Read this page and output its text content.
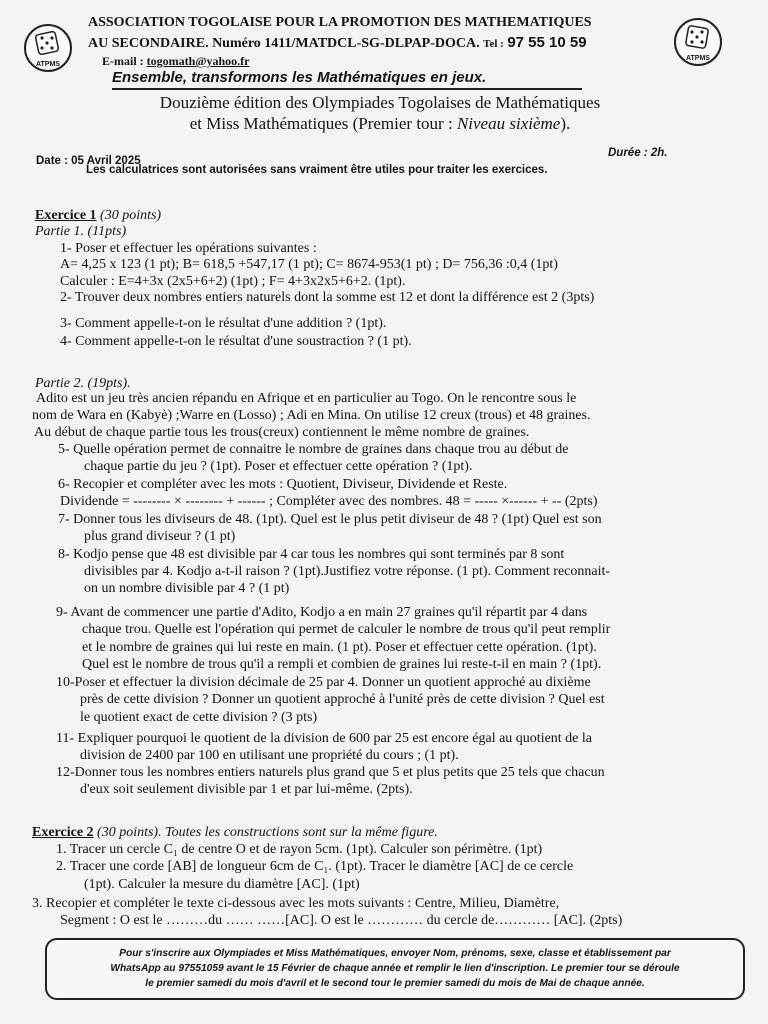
ATPMS
ATPMS
ASSOCIATION TOGOLAISE POUR LA PROMOTION DES MATHEMATIQUES
AU SECONDAIRE. Numéro 1411/MATDCL-SG-DLPAP-DOCA. Tel : 97 55 10 59
E-mail : togomath@yahoo.fr
Ensemble, transformons les Mathématiques en jeux.
Douzième édition des Olympiades Togolaises de Mathématiques
et Miss Mathématiques (Premier tour : Niveau sixième).
Date : 05 Avril 2025
Durée : 2h.
Les calculatrices sont autorisées sans vraiment être utiles pour traiter les exercices.
Exercice 1 (30 points)
Partie 1. (11pts)
1- Poser et effectuer les opérations suivantes :
A= 4,25 x 123 (1 pt); B= 618,5 +547,17 (1 pt); C= 8674-953(1 pt) ; D= 756,36 :0,4 (1pt)
Calculer : E=4+3x (2x5+6+2) (1pt) ; F= 4+3x2x5+6+2. (1pt).
2- Trouver deux nombres entiers naturels dont la somme est 12 et dont la différence est 2 (3pts)
3- Comment appelle-t-on le résultat d'une addition ? (1pt).
4- Comment appelle-t-on le résultat d'une soustraction ? (1 pt).
Partie 2. (19pts).
Adito est un jeu très ancien répandu en Afrique et en particulier au Togo. On le rencontre sous le
nom de Wara en (Kabyè) ;Warre en (Losso) ; Adi en Mina. On utilise 12 creux (trous) et 48 graines.
Au début de chaque partie tous les trous(creux) contiennent le même nombre de graines.
5- Quelle opération permet de connaitre le nombre de graines dans chaque trou au début de
chaque partie du jeu ? (1pt). Poser et effectuer cette opération ? (1pt).
6- Recopier et compléter avec les mots : Quotient, Diviseur, Dividende et Reste.
Dividende = -------- × -------- + ------ ; Compléter avec des nombres. 48 = ----- ×------ + -- (2pts)
7- Donner tous les diviseurs de 48. (1pt). Quel est le plus petit diviseur de 48 ? (1pt) Quel est son
plus grand diviseur ? (1 pt)
8- Kodjo pense que 48 est divisible par 4 car tous les nombres qui sont terminés par 8 sont
divisibles par 4. Kodjo a-t-il raison ? (1pt).Justifiez votre réponse. (1 pt). Comment reconnait-
on un nombre divisible par 4 ? (1 pt)
9- Avant de commencer une partie d'Adito, Kodjo a en main 27 graines qu'il répartit par 4 dans
chaque trou. Quelle est l'opération qui permet de calculer le nombre de trous qu'il peut remplir
et le nombre de graines qui lui reste en main. (1 pt). Poser et effectuer cette opération. (1pt).
Quel est le nombre de trous qu'il a rempli et combien de graines lui reste-t-il en main ? (1pt).
10-Poser et effectuer la division décimale de 25 par 4. Donner un quotient approché au dixième
près de cette division ? Donner un quotient approché à l'unité près de cette division ? Quel est
le quotient exact de cette division ? (3 pts)
11- Expliquer pourquoi le quotient de la division de 600 par 25 est encore égal au quotient de la
division de 2400 par 100 en utilisant une propriété du cours ; (1 pt).
12-Donner tous les nombres entiers naturels plus grand que 5 et plus petits que 25 tels que chacun
d'eux soit seulement divisible par 1 et par lui-même. (2pts).
Exercice 2 (30 points). Toutes les constructions sont sur la même figure.
1. Tracer un cercle C₁ de centre O et de rayon 5cm. (1pt). Calculer son périmètre. (1pt)
2. Tracer une corde [AB] de longueur 6cm de C₁. (1pt). Tracer le diamètre [AC] de ce cercle
(1pt). Calculer la mesure du diamètre [AC]. (1pt)
3. Recopier et compléter le texte ci-dessous avec les mots suivants : Centre, Milieu, Diamètre,
Segment : O est le ………du …… ……[AC]. O est le ………… du cercle de………… [AC]. (2pts)
Pour s'inscrire aux Olympiades et Miss Mathématiques, envoyer Nom, prénoms, sexe, classe et établissement par
WhatsApp au 97551059 avant le 15 Février de chaque année et remplir le lien d'inscription. Le premier tour se déroule
le premier samedi du mois d'avril et le second tour le premier samedi du mois de Mai de chaque année.
